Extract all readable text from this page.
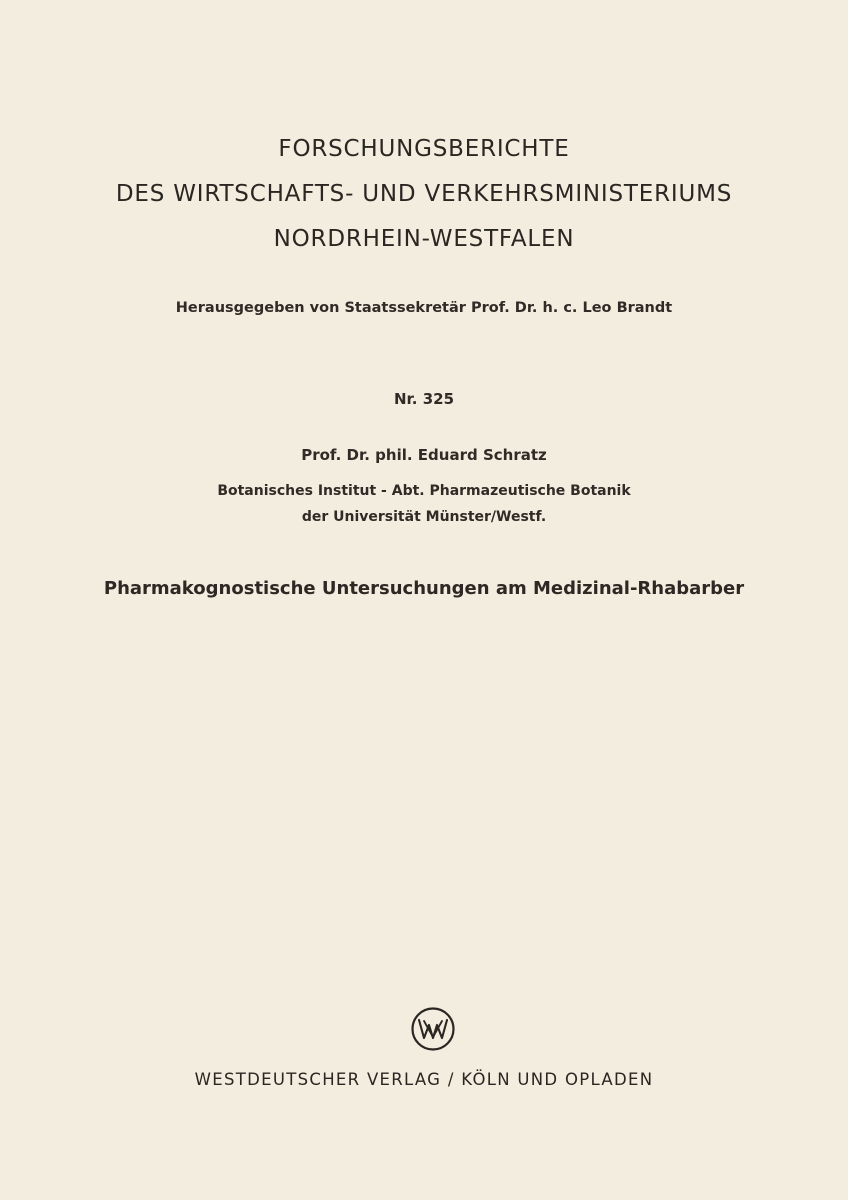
FORSCHUNGSBERICHTE
DES WIRTSCHAFTS- UND VERKEHRSMINISTERIUMS
NORDRHEIN-WESTFALEN
Herausgegeben von Staatssekretär Prof. Dr. h. c. Leo Brandt
Nr. 325
Prof. Dr. phil. Eduard Schratz
Botanisches Institut - Abt. Pharmazeutische Botanik
der Universität Münster/Westf.
Pharmakognostische Untersuchungen am Medizinal-Rhabarber
WESTDEUTSCHER VERLAG / KÖLN UND OPLADEN
